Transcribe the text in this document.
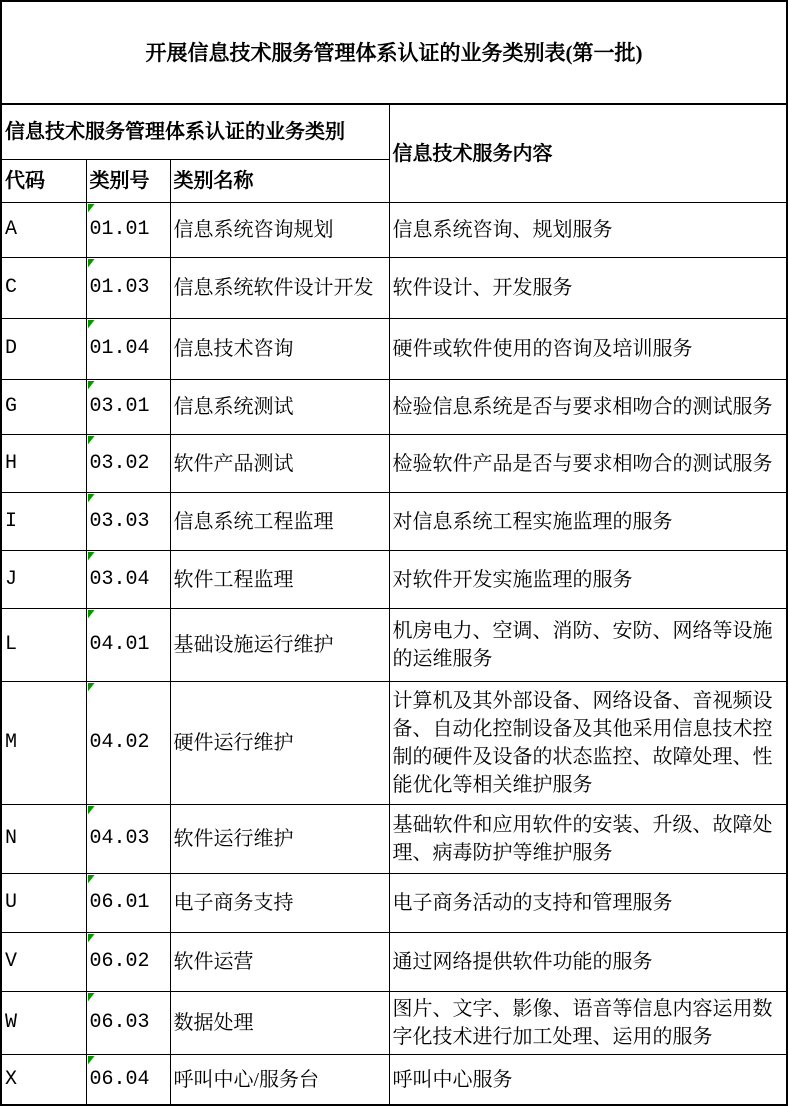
开展信息技术服务管理体系认证的业务类别表(第一批)			
信息技术服务管理体系认证的业务类别			信息技术服务内容
代码	类别号	类别名称	
A	01.01	信息系统咨询规划	信息系统咨询、规划服务
C	01.03	信息系统软件设计开发	软件设计、开发服务
D	01.04	信息技术咨询	硬件或软件使用的咨询及培训服务
G	03.01	信息系统测试	检验信息系统是否与要求相吻合的测试服务
H	03.02	软件产品测试	检验软件产品是否与要求相吻合的测试服务
I	03.03	信息系统工程监理	对信息系统工程实施监理的服务
J	03.04	软件工程监理	对软件开发实施监理的服务
L	04.01	基础设施运行维护	机房电力、空调、消防、安防、网络等设施的运维服务
M	04.02	硬件运行维护	计算机及其外部设备、网络设备、音视频设备、自动化控制设备及其他采用信息技术控制的硬件及设备的状态监控、故障处理、性能优化等相关维护服务
N	04.03	软件运行维护	基础软件和应用软件的安装、升级、故障处理、病毒防护等维护服务
U	06.01	电子商务支持	电子商务活动的支持和管理服务
V	06.02	软件运营	通过网络提供软件功能的服务
W	06.03	数据处理	图片、文字、影像、语音等信息内容运用数字化技术进行加工处理、运用的服务
X	06.04	呼叫中心/服务台	呼叫中心服务
